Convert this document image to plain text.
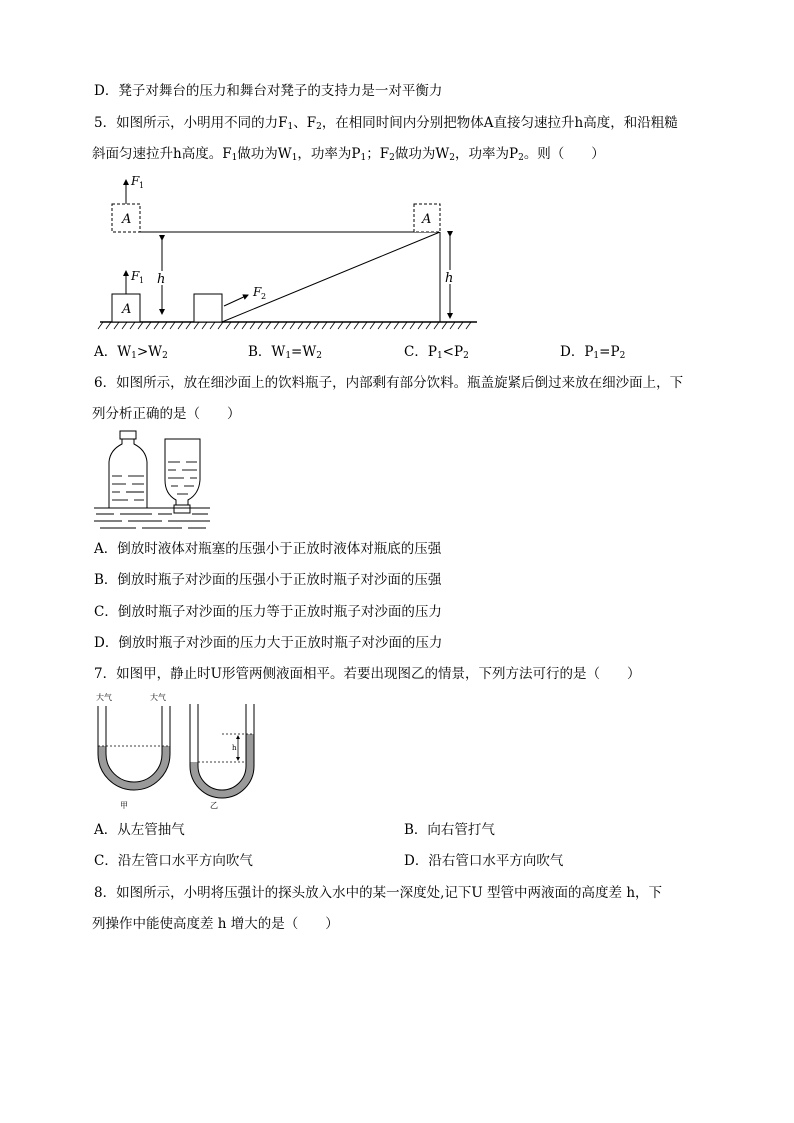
D．凳子对舞台的压力和舞台对凳子的支持力是一对平衡力
5．如图所示，小明用不同的力$F_1$、$F_2$，在相同时间内分别把物体A直接匀速拉升h高度，和沿粗糙
斜面匀速拉升h高度。$F_1$做功为$W_1$，功率为$P_1$；$F_2$做功为$W_2$，功率为$P_2$。则（　　）
A
F 1
A
F 1 h
F 2
A
h
A．$W_1>W_2$	B．$W_1=W_2$	C．$P_1<P_2$	D．$P_1=P_2$
6．如图所示，放在细沙面上的饮料瓶子，内部剩有部分饮料。瓶盖旋紧后倒过来放在细沙面上，下
列分析正确的是（　　）
A．倒放时液体对瓶塞的压强小于正放时液体对瓶底的压强
B．倒放时瓶子对沙面的压强小于正放时瓶子对沙面的压强
C．倒放时瓶子对沙面的压力等于正放时瓶子对沙面的压力
D．倒放时瓶子对沙面的压力大于正放时瓶子对沙面的压力
7．如图甲，静止时U形管两侧液面相平。若要出现图乙的情景，下列方法可行的是（　　）
大气	大气
甲
h
乙
A．从左管抽气	B．向右管打气
C．沿左管口水平方向吹气	D．沿右管口水平方向吹气
8．如图所示，小明将压强计的探头放入水中的某一深度处,记下U 型管中两液面的高度差 h，下
列操作中能使高度差 h 增大的是（　　）
